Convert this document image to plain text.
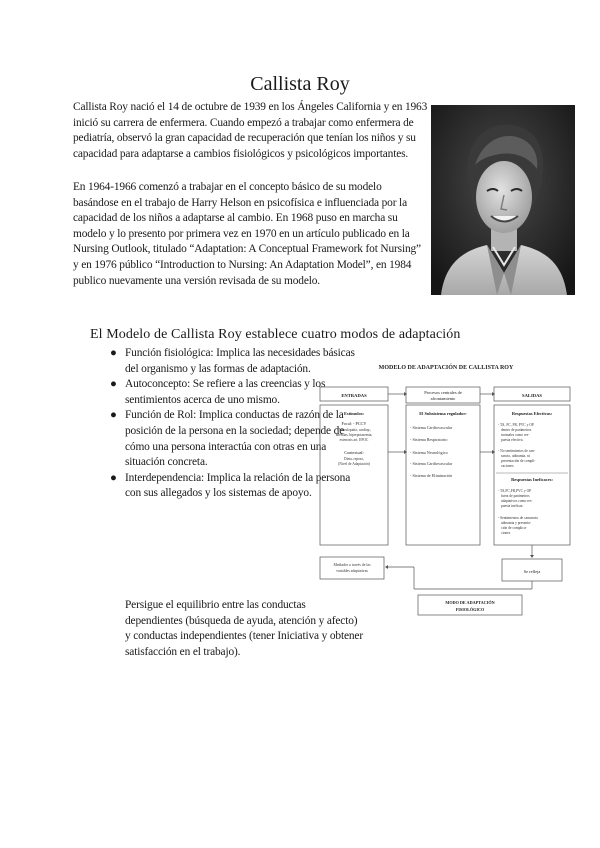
Callista Roy

Callista Roy nació el 14 de octubre de 1939 en los Ángeles California y en 1963 inició su carrera de enfermera. Cuando empezó a trabajar como enfermera de pediatría, observó la gran capacidad de recuperación que tenían los niños y su capacidad para adaptarse a cambios fisiológicos y psicológicos importantes.

En 1964-1966 comenzó a trabajar en el concepto básico de su modelo basándose en el trabajo de Harry Helson en psicofísica e influenciada por la capacidad de los niños a adaptarse al cambio. En 1968 puso en marcha su modelo y lo presento por primera vez en 1970 en un artículo publicado en la Nursing Outlook, titulado “Adaptation: A Conceptual Framework fot Nursing” y en 1976 público “Introduction to Nursing: An Adaptation Model”, en 1984 publico nuevamente una versión revisada de su modelo.

El Modelo de Callista Roy establece cuatro modos de adaptación
● Función fisiológica: Implica las necesidades básicas del organismo y las formas de adaptación.
● Autoconcepto: Se refiere a las creencias y los sentimientos acerca de uno mismo.
● Función de Rol: Implica conductas de razón de la posición de la persona en la sociedad; depende de cómo una persona interactúa con otras en una situación concreta.
● Interdependencia: Implica la relación de la persona con sus allegados y los sistemas de apoyo.

Persigue el equilibrio entre las conductas dependientes (búsqueda de ayuda, atención y afecto) y conductas independientes (tener Iniciativa y obtener satisfacción en el trabajo).

MODELO DE ADAPTACIÓN DE CALLISTA ROY
ENTRADAS
Procesos centrales de
afrontamiento
SALIDAS
Estímulos:
Focal: - PCCV
- Valvulopatía, cardiop.,
anemias, hiperpotasemia,
estenosis art. EPOC
Contextual:
Dieta, reposo,
(Nivel de Adaptación)
El Subsistema regulador:
- Sistema Cardiovascular
- Sistema Respiratorio
- Sistema Neurológico
- Sistema Cardiovascular
- Sistema de Eliminación
Respuestas Efectivas:
- TA, FC, FR, PVC y OP
dentro de parámetros
normales como res-
puesta efectiva.
- No sentimientos de can-
sancio, adinamia, ni
presentación de compli-
caciones.
Respuestas Ineficaces:
- TA,FC,FR,PVC y OP
fuera de parámetros
adaptativos como res-
puesta ineficaz.
- Sentimientos de cansancio
adinamia y presenta-
ción de complica-
ciones.
Se refleja
Mediador a través de las
variables adaptativas
MODO DE ADAPTACIÓN
FISIOLÓGICO
